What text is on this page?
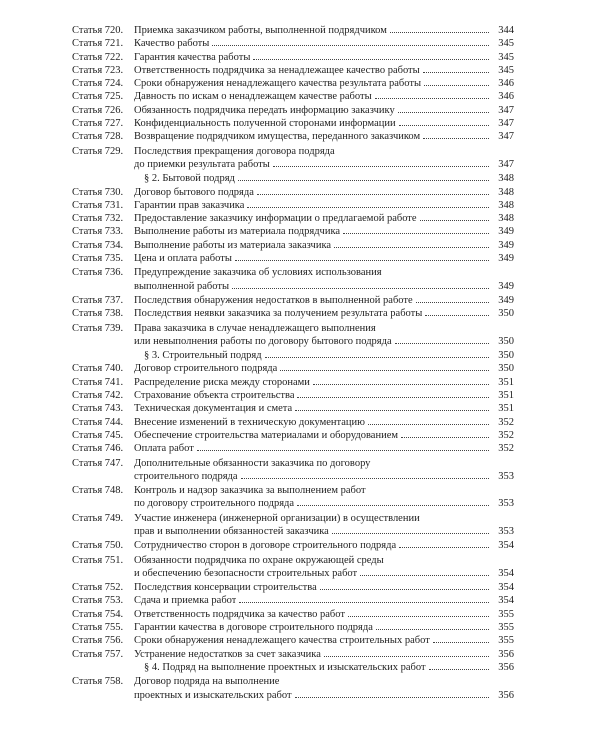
Статья 720.	Приемка заказчиком работы, выполненной подрядчиком	344
Статья 721.	Качество работы	345
Статья 722.	Гарантия качества работы	345
Статья 723.	Ответственность подрядчика за ненадлежащее качество работы	345
Статья 724.	Сроки обнаружения ненадлежащего качества результата работы	346
Статья 725.	Давность по искам о ненадлежащем качестве работы	346
Статья 726.	Обязанность подрядчика передать информацию заказчику	347
Статья 727.	Конфиденциальность полученной сторонами информации	347
Статья 728.	Возвращение подрядчиком имущества, переданного заказчиком	347
Статья 729.	Последствия прекращения договора подряда
до приемки результата работы	347
§ 2. Бытовой подряд	348
Статья 730.	Договор бытового подряда	348
Статья 731.	Гарантии прав заказчика	348
Статья 732.	Предоставление заказчику информации о предлагаемой работе	348
Статья 733.	Выполнение работы из материала подрядчика	349
Статья 734.	Выполнение работы из материала заказчика	349
Статья 735.	Цена и оплата работы	349
Статья 736.	Предупреждение заказчика об условиях использования
выполненной работы	349
Статья 737.	Последствия обнаружения недостатков в выполненной работе	349
Статья 738.	Последствия неявки заказчика за получением результата работы	350
Статья 739.	Права заказчика в случае ненадлежащего выполнения
или невыполнения работы по договору бытового подряда	350
§ 3. Строительный подряд	350
Статья 740.	Договор строительного подряда	350
Статья 741.	Распределение риска между сторонами	351
Статья 742.	Страхование объекта строительства	351
Статья 743.	Техническая документация и смета	351
Статья 744.	Внесение изменений в техническую документацию	352
Статья 745.	Обеспечение строительства материалами и оборудованием	352
Статья 746.	Оплата работ	352
Статья 747.	Дополнительные обязанности заказчика по договору
строительного подряда	353
Статья 748.	Контроль и надзор заказчика за выполнением работ
по договору строительного подряда	353
Статья 749.	Участие инженера (инженерной организации) в осуществлении
прав и выполнении обязанностей заказчика	353
Статья 750.	Сотрудничество сторон в договоре строительного подряда	354
Статья 751.	Обязанности подрядчика по охране окружающей среды
и обеспечению безопасности строительных работ	354
Статья 752.	Последствия консервации строительства	354
Статья 753.	Сдача и приемка работ	354
Статья 754.	Ответственность подрядчика за качество работ	355
Статья 755.	Гарантии качества в договоре строительного подряда	355
Статья 756.	Сроки обнаружения ненадлежащего качества строительных работ	355
Статья 757.	Устранение недостатков за счет заказчика	356
§ 4. Подряд на выполнение проектных и изыскательских работ	356
Статья 758.	Договор подряда на выполнение
проектных и изыскательских работ	356
